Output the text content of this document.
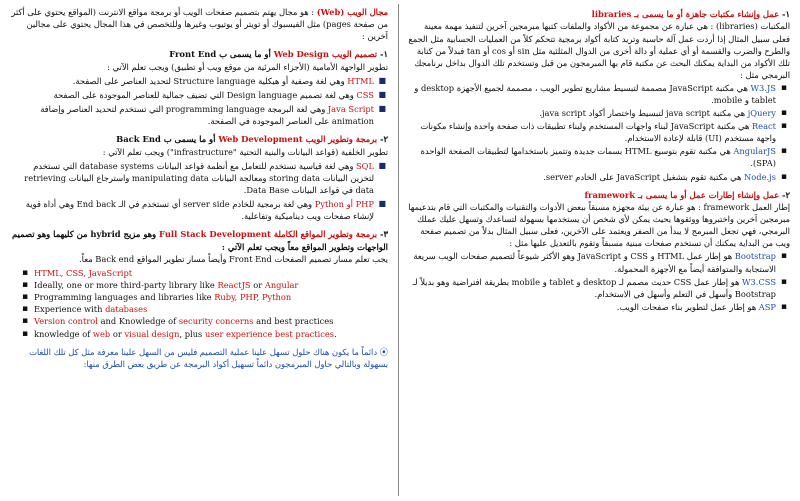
مجال الويب (Web) : هو مجال يهتم بتصميم صفحات الويب أو برمجة مواقع الانترنت (المواقع يحتوي على أكثر من صفحة pages) مثل الفيسبوك أو تويتر أو يوتيوب وغيرها وللتخصص في هذا المجال يحتوي على مجالين آخرين :

١- تصميم الويب Web Design أو ما يسمى ب Front End

تطوير الواجهة الأمامية (الأجزاء المرئية من موقع ويب أو تطبيق) ويجب تعلم الآتي :

■ HTML وهي لغة وصفية أو هيكلية Structure language لتحديد العناصر على الصفحة.
■ CSS وهي لغة تصميم Design language التي تضيف جمالية للعناصر الموجودة على الصفحة
■ Java Script وهي لغة البرمجة programming language التي تستخدم لتحديد العناصر وإضافة animation على العناصر الموجودة في الصفحة.

٢- برمجة وتطوير الويب Web Development أو ما يسمى ب Back End

تطوير الخلفية (قواعد البيانات والبنية التحتية "infrastructure") ويجب تعلم الآتي :

■ SQL وهي لغة قياسية تستخدم للتعامل مع أنظمة قواعد البيانات database systems التي تستخدم لتخزين البيانات storing data ومعالجة البيانات manipulating data واسترجاع البيانات retrieving data في قواعد البيانات Data Base.
■ PHP أو Python وهي لغة برمجية للخادم server side أي تستخدم في الـ End back وهي أداة قوية لإنشاء صفحات ويب ديناميكية وتفاعلية.

٣- برمجة وتطوير المواقع الكاملة Full Stack Development وهو مزيج hybrid من كليهما وهو تصميم الواجهات وتطوير المواقع معاً ويجب تعلم الآتي :

يجب تعلم مسار تصميم الصفحات Front End وأيضاً مسار تطوير المواقع Back end معاً.

▪ HTML, CSS, JavaScript
▪ Ideally, one or more third-party library like ReactJS or Angular
▪ Programming languages and libraries like Ruby, PHP, Python
▪ Experience with databases
▪ Version control and Knowledge of security concerns and best practices
▪ knowledge of web or visual design, plus user experience best practices.

⦿ دائماً ما يكون هناك حلول تسهل علينا عملية التصميم فليس من السهل علينا معرفة مثل كل تلك اللغات بسهولة وبالتالي حاول المبرمجون دائماً تسهيل أكواد البرمجة عن طريق بعض الطرق منها:

١- عمل وإنشاء مكتبات جاهزة أو ما يسمى بـ libraries

المكتبات (libraries) : هي عبارة عن مجموعة من الأكواد والملفات كتبها مبرمجين آخرين لتنفيذ مهمة معينة فعلى سبيل المثال إذا أردت عمل آلة حاسبة وتريد كتابة أكواد برمجية تتحكم كلاً من العمليات الحسابية مثل الجمع والطرح والضرب والقسمة أو أي عملية أو دالة أخرى من الدوال المثلثية مثل sin أو cos أو tan فبدلاً من كتابة تلك الأكواد من البداية يمكنك البحث عن مكتبة قام بها المبرمجون من قبل وتستخدم تلك الدوال بداخل برنامجك البرمجي مثل :

▪ W3.JS هي مكتبة JavaScript مصممة لتبسيط مشاريع تطوير الويب ، مصممة لجميع الأجهزة desktop و tablet و mobile.
▪ jQuery هي مكتبة java script لتبسيط واختصار أكواد java script.
▪ React هي مكتبة JavaScript لبناء واجهات المستخدم ولبناء تطبيقات ذات صفحة واحدة وإنشاء مكونات واجهة مستخدم (UI) قابلة لإعادة الاستخدام.
▪ AngularJS هي مكتبة تقوم بتوسيع HTML بسمات جديدة وتتميز باستخدامها لتطبيقات الصفحة الواحدة (SPA).
▪ Node.js هي مكتبة تقوم بتشغيل JavaScript على الخادم server.

٢- عمل وإنشاء إطارات عمل أو ما يسمى بـ framework

إطار العمل framework : هو عبارة عن بيئة مجهزة مسبقاً ببعض الأدوات والتقنيات والمكتبات التي قام بتدعيمها مبرمجين آخرين واختبروها ووثقوها بحيث يمكن لأي شخص أن يستخدمها بسهولة لتساعدك وتسهل عليك عملك البرمجي، فهي تجعل المبرمج لا يبدأ من الصفر ويعتمد على الآخرين، فعلى سبيل المثال بدلاً من تصميم صفحة ويب من البداية يمكنك أن تستخدم صفحات مبنية مسبقاً وتقوم بالتعديل عليها مثل :

▪ Bootstrap هو إطار عمل HTML و CSS و JavaScript وهو الأكثر شيوعاً لتصميم صفحات الويب سريعة الاستجابة والمتوافقة أيضاً مع الأجهزة المحمولة.
▪ W3.CSS هو إطار عمل CSS حديث مصمم لـ desktop و tablet و mobile بطريقة افتراضية وهو بديلاً لـ Bootstrap وأسهل في التعلم وأسهل في الاستخدام.
▪ ASP هو إطار عمل لتطوير بناء صفحات الويب.
